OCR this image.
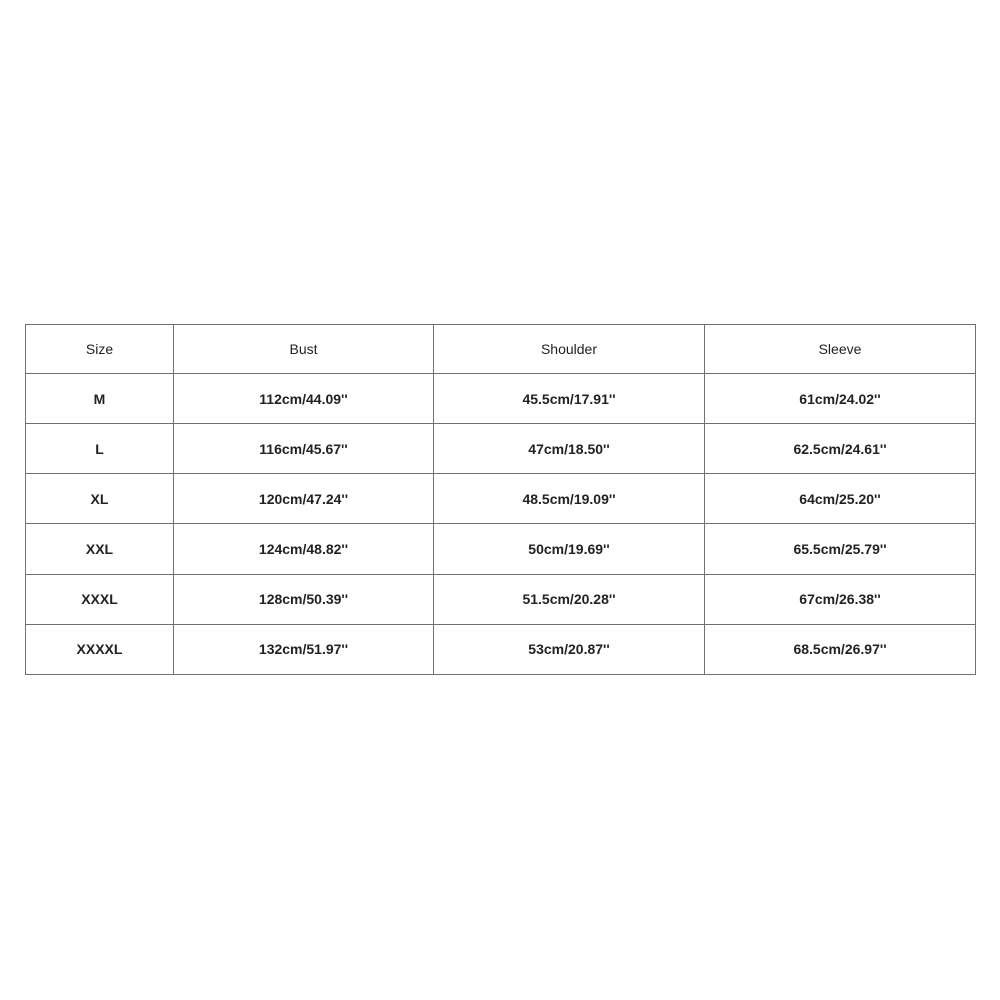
Size	Bust	Shoulder	Sleeve
M	112cm/44.09''	45.5cm/17.91''	61cm/24.02''
L	116cm/45.67''	47cm/18.50''	62.5cm/24.61''
XL	120cm/47.24''	48.5cm/19.09''	64cm/25.20''
XXL	124cm/48.82''	50cm/19.69''	65.5cm/25.79''
XXXL	128cm/50.39''	51.5cm/20.28''	67cm/26.38''
XXXXL	132cm/51.97''	53cm/20.87''	68.5cm/26.97''
